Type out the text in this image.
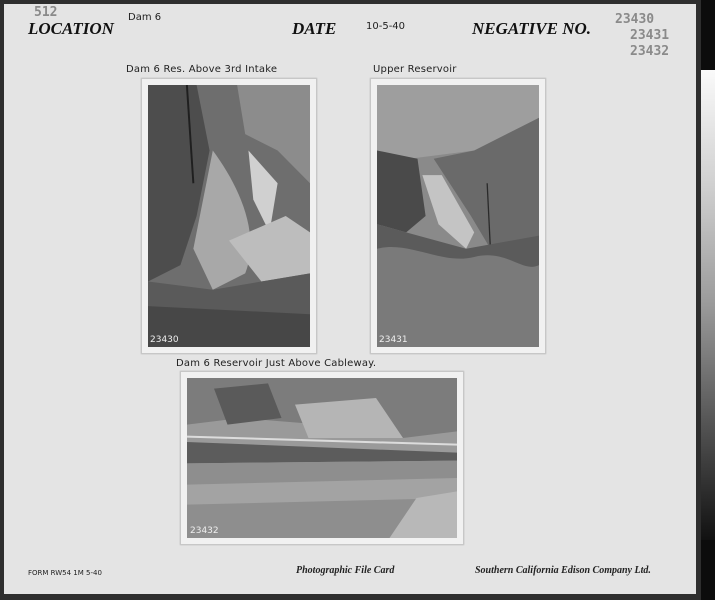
512
LOCATION
Dam 6
DATE	10-5-40	NEGATIVE NO. 23430
23431
23432
Dam 6 Res. Above 3rd Intake
23430
Upper Reservoir
23431
Dam 6 Reservoir Just Above Cableway.
23432
FORM RW54 1M 5-40	Photographic File Card	Southern California Edison Company Ltd.
